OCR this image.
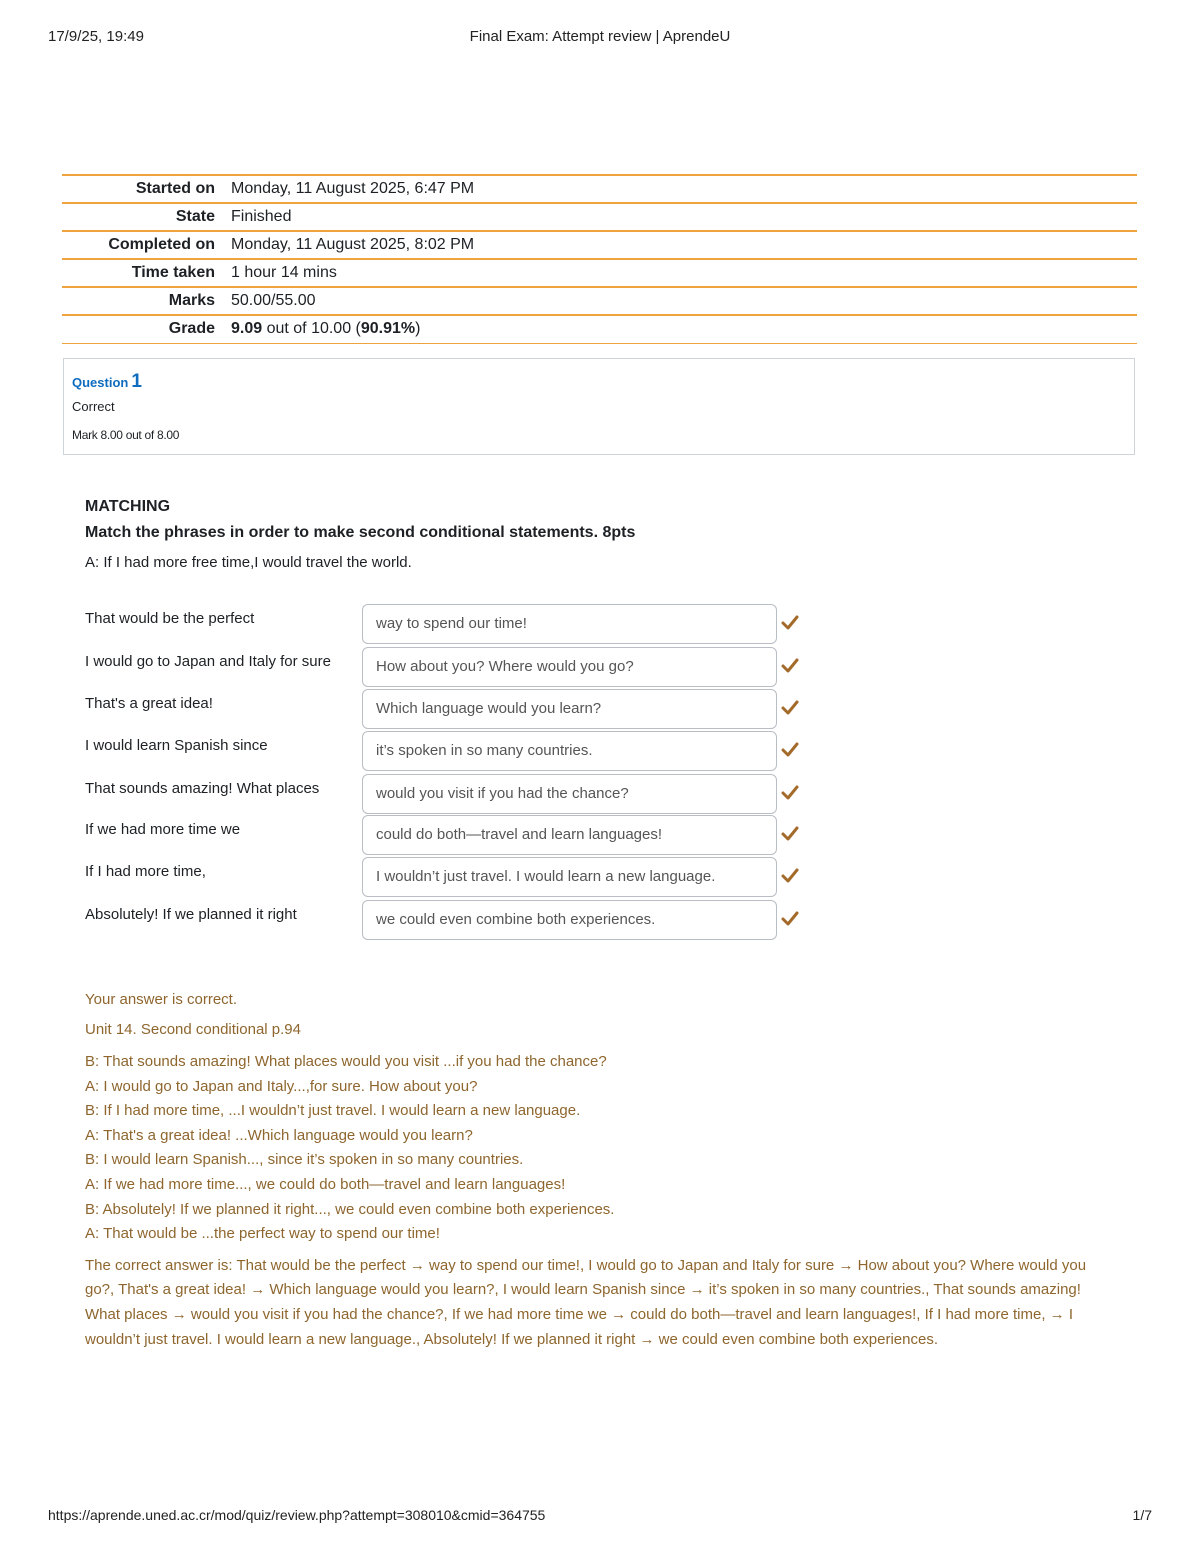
17/9/25, 19:49	Final Exam: Attempt review | AprendeU
Started on	Monday, 11 August 2025, 6:47 PM
State	Finished
Completed on	Monday, 11 August 2025, 8:02 PM
Time taken	1 hour 14 mins
Marks	50.00/55.00
Grade	9.09 out of 10.00 (90.91%)
Question 1
Correct
Mark 8.00 out of 8.00
MATCHING
Match the phrases in order to make second conditional statements. 8pts
A: If I had more free time,I would travel the world.
That would be the perfect	way to spend our time!
I would go to Japan and Italy for sure	How about you? Where would you go?
That's a great idea!	Which language would you learn?
I would learn Spanish since	it’s spoken in so many countries.
That sounds amazing! What places	would you visit if you had the chance?
If we had more time we	could do both—travel and learn languages!
If I had more time,	I wouldn’t just travel. I would learn a new language.
Absolutely! If we planned it right	we could even combine both experiences.
Your answer is correct.
Unit 14. Second conditional p.94
B: That sounds amazing! What places would you visit ...if you had the chance?
A: I would go to Japan and Italy...,for sure. How about you?
B: If I had more time, ...I wouldn’t just travel. I would learn a new language.
A: That's a great idea! ...Which language would you learn?
B: I would learn Spanish..., since it’s spoken in so many countries.
A: If we had more time..., we could do both—travel and learn languages!
B: Absolutely! If we planned it right..., we could even combine both experiences.
A: That would be ...the perfect way to spend our time!
The correct answer is: That would be the perfect → way to spend our time!, I would go to Japan and Italy for sure → How about you? Where would you go?, That's a great idea! → Which language would you learn?, I would learn Spanish since → it’s spoken in so many countries., That sounds amazing! What places → would you visit if you had the chance?, If we had more time we → could do both—travel and learn languages!, If I had more time, → I wouldn’t just travel. I would learn a new language., Absolutely! If we planned it right → we could even combine both experiences.
https://aprende.uned.ac.cr/mod/quiz/review.php?attempt=308010&cmid=364755	1/7
